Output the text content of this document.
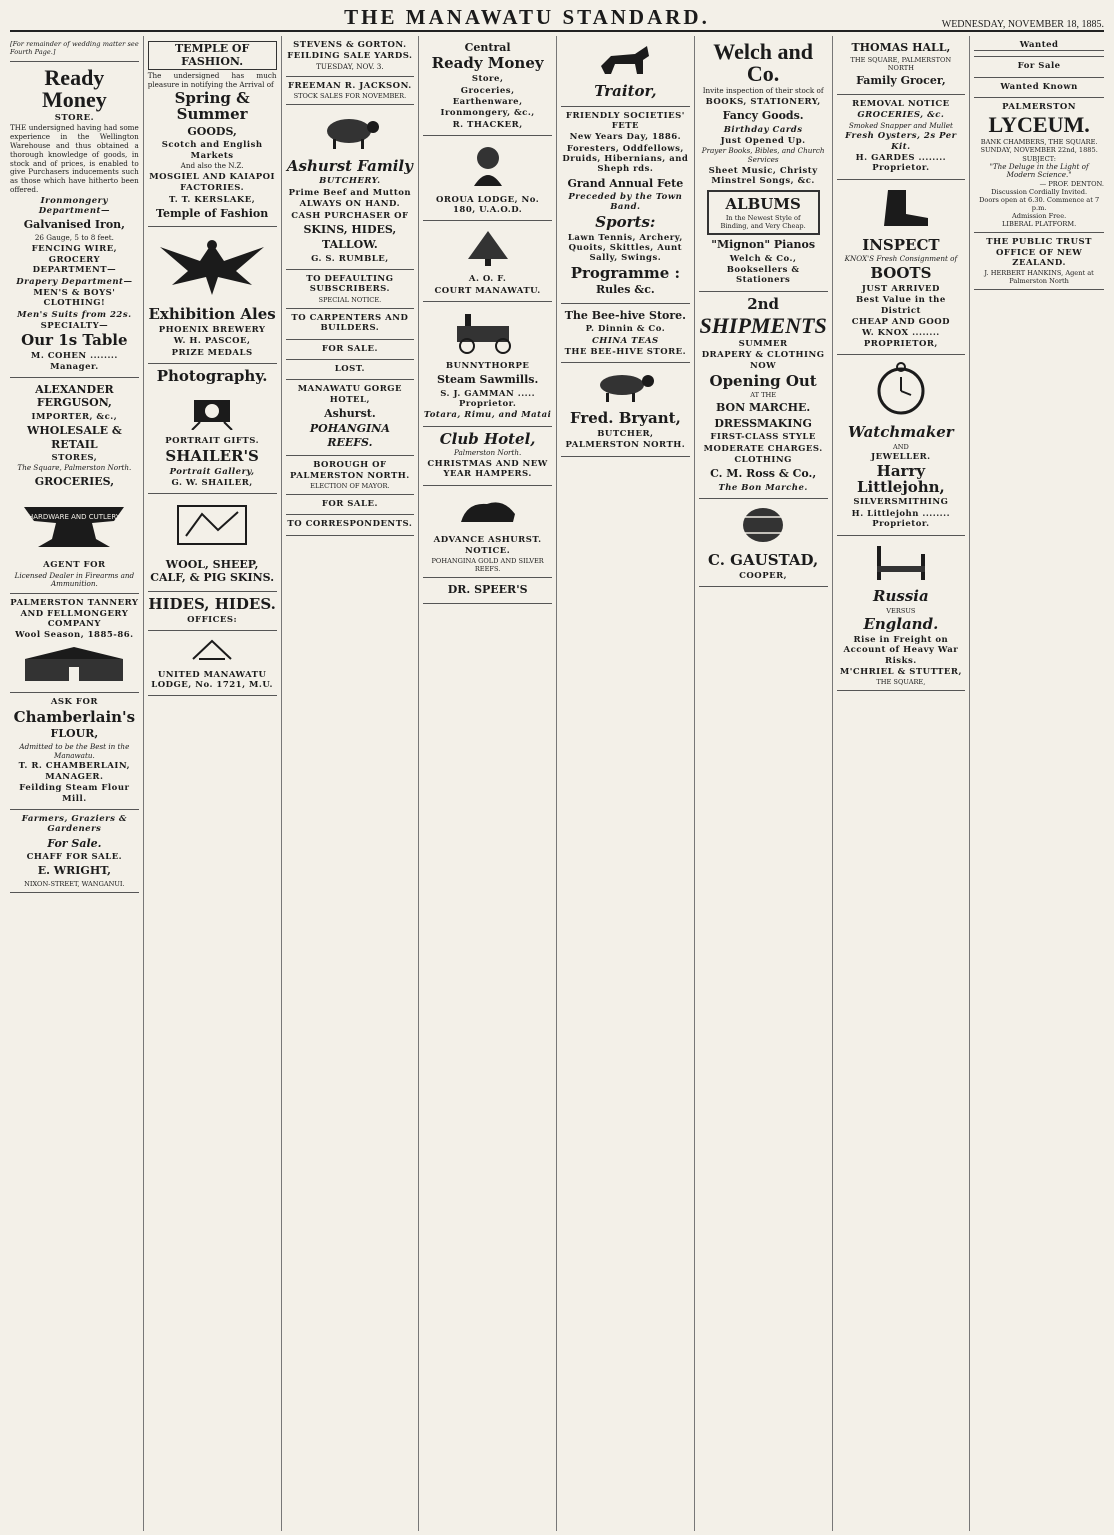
THE MANAWATU STANDARD.	WEDNESDAY, NOVEMBER 18, 1885.

[For remainder of wedding matter see Fourth Page.]

Ready Money
STORE.

THE undersigned having had some experience in the Wellington Warehouse and thus obtained a thorough knowledge of goods, in stock and of prices, is enabled to give Purchasers inducements such as those which have hitherto been offered.

Ironmongery Department—
Galvanised Iron,
26 Gauge, 5 to 8 feet.
FENCING WIRE,
GROCERY DEPARTMENT—
Drapery Department—
MEN'S & BOYS' CLOTHING!
Men's Suits from 22s.
SPECIALTY—
Our 1s Table
M. COHEN ........ Manager.
ALEXANDER FERGUSON,
IMPORTER, &c.,
WHOLESALE & RETAIL
STORES,
The Square, Palmerston North.
GROCERIES,
HARDWARE AND CUTLERY
AGENT FOR
Licensed Dealer in Firearms and Ammunition.
PALMERSTON TANNERY AND FELLMONGERY COMPANY
Wool Season, 1885-86.
ASK FOR
Chamberlain's
FLOUR,
Admitted to be the Best in the Manawatu.
T. R. CHAMBERLAIN, MANAGER.
Feilding Steam Flour Mill.
Farmers, Graziers & Gardeners
For Sale.
CHAFF FOR SALE.
E. WRIGHT,
NIXON-STREET, WANGANUI.
TEMPLE OF FASHION.

The undersigned has much pleasure in notifying the Arrival of

Spring & Summer
GOODS,
Scotch and English Markets
And also the N.Z.
MOSGIEL AND KAIAPOI
FACTORIES.
T. T. KERSLAKE,
Temple of Fashion
Exhibition Ales
PHOENIX BREWERY
W. H. PASCOE,
PRIZE MEDALS
Photography.
PORTRAIT GIFTS.
SHAILER'S
Portrait Gallery,
G. W. SHAILER,
WOOL, SHEEP, CALF, & PIG SKINS.
HIDES, HIDES.
OFFICES:
UNITED MANAWATU LODGE, No. 1721, M.U.
STEVENS & GORTON.
FEILDING SALE YARDS.
TUESDAY, NOV. 3.
FREEMAN R. JACKSON.
STOCK SALES FOR NOVEMBER.
Ashurst Family
BUTCHERY.
Prime Beef and Mutton
ALWAYS ON HAND.
CASH PURCHASER OF
SKINS, HIDES,
TALLOW.
G. S. RUMBLE,
TO DEFAULTING SUBSCRIBERS.
SPECIAL NOTICE.
TO CARPENTERS AND BUILDERS.
FOR SALE.
LOST.
MANAWATU GORGE HOTEL,
Ashurst.
POHANGINA REEFS.
BOROUGH OF PALMERSTON NORTH.
ELECTION OF MAYOR.
FOR SALE.
TO CORRESPONDENTS.
Central
Ready Money
Store,
Groceries,
Earthenware,
Ironmongery, &c.,
R. THACKER,
OROUA LODGE, No. 180, U.A.O.D.
A. O. F.
COURT MANAWATU.
BUNNYTHORPE
Steam Sawmills.
S. J. GAMMAN ..... Proprietor.
Totara, Rimu, and Matai
Club Hotel,
Palmerston North.
CHRISTMAS AND NEW YEAR HAMPERS.
ADVANCE ASHURST.
NOTICE.
POHANGINA GOLD AND SILVER REEFS.
DR. SPEER'S
Traitor,
FRIENDLY SOCIETIES' FETE
New Years Day, 1886.
Foresters, Oddfellows, Druids, Hibernians, and Sheph rds.
Grand Annual Fete
Preceded by the Town Band.
Sports:
Lawn Tennis, Archery, Quoits, Skittles, Aunt Sally, Swings.
Programme :
Rules &c.
The Bee-hive Store.
P. Dinnin & Co.
CHINA TEAS
THE BEE-HIVE STORE.
Fred. Bryant,
BUTCHER,
PALMERSTON NORTH.
Welch and Co.
Invite inspection of their stock of
BOOKS, STATIONERY,
Fancy Goods.
Birthday Cards
Just Opened Up.
Prayer Books, Bibles, and Church Services
Sheet Music, Christy Minstrel Songs, &c.
ALBUMS
In the Newest Style of Binding, and Very Cheap.
"Mignon" Pianos
Welch & Co.,
Booksellers & Stationers
2nd
SHIPMENTS
SUMMER
DRAPERY & CLOTHING
NOW
Opening Out
AT THE
BON MARCHE.
DRESSMAKING
FIRST-CLASS STYLE
MODERATE CHARGES.
CLOTHING
C. M. Ross & Co.,
The Bon Marche.
C. GAUSTAD,
COOPER,
THOMAS HALL,
THE SQUARE, PALMERSTON NORTH
Family Grocer,
REMOVAL NOTICE
GROCERIES, &c.
Smoked Snapper and Mullet
Fresh Oysters, 2s Per Kit.
H. GARDES ........ Proprietor.
INSPECT
KNOX'S Fresh Consignment of
BOOTS
JUST ARRIVED
Best Value in the District
CHEAP AND GOOD
W. KNOX ........ PROPRIETOR,
Watchmaker
AND
JEWELLER.
Harry Littlejohn,
SILVERSMITHING
H. Littlejohn ........ Proprietor.
Russia
VERSUS
England.
Rise in Freight on Account of Heavy War Risks.
M'CHRIEL & STUTTER,
THE SQUARE,
Wanted
For Sale
Wanted Known
PALMERSTON
LYCEUM.
BANK CHAMBERS, THE SQUARE.
SUNDAY, NOVEMBER 22nd, 1885.
SUBJECT:
"The Deluge in the Light of Modern Science."
— PROF. DENTON.
Discussion Cordially Invited.
Doors open at 6.30. Commence at 7 p.m.
Admission Free.
LIBERAL PLATFORM.
THE PUBLIC TRUST OFFICE OF NEW ZEALAND.
J. HERBERT HANKINS, Agent at Palmerston North
